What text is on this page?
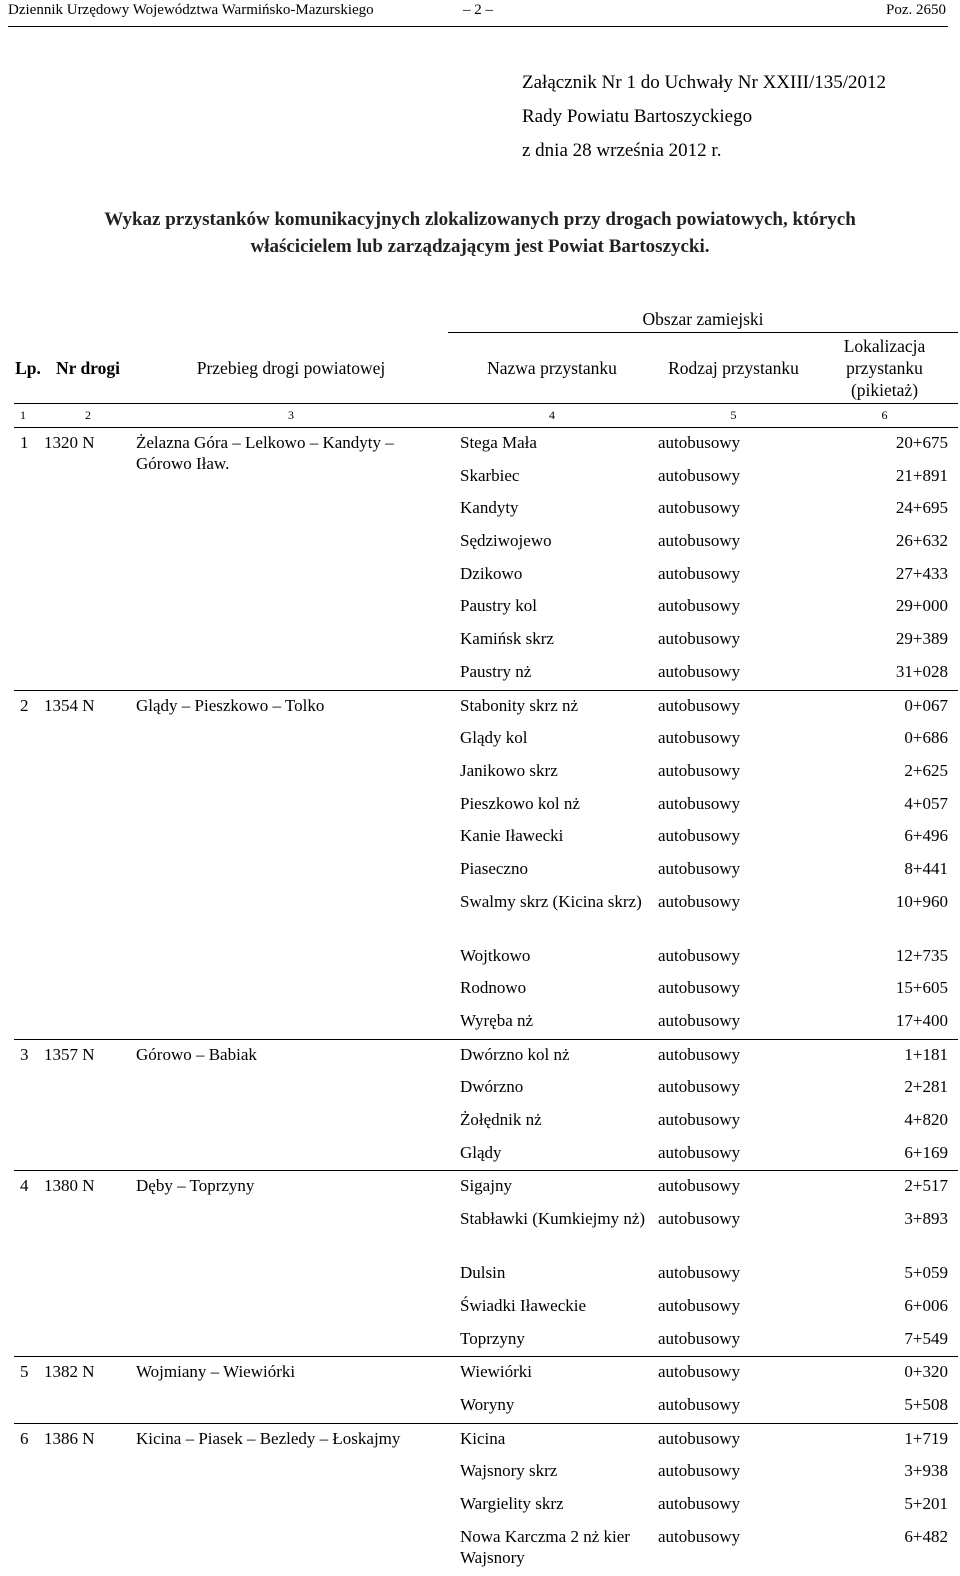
Dziennik Urzędowy Województwa Warmińsko-Mazurskiego	– 2 –	Poz. 2650
Załącznik Nr 1 do Uchwały Nr XXIII/135/2012
Rady Powiatu Bartoszyckiego
z dnia 28 września 2012 r.
Wykaz przystanków komunikacyjnych zlokalizowanych przy drogach powiatowych, których
właścicielem lub zarządzającym jest Powiat Bartoszycki.
			Obszar zamiejski		
Lp.	Nr drogi	Przebieg drogi powiatowej	Nazwa przystanku	Rodzaj przystanku	Lokalizacja przystanku (pikietaż)
1	2	3	4	5	6
1	1320 N	Żelazna Góra – Lelkowo – Kandyty – Górowo Iław.	Stega Mała	autobusowy	20+675
			Skarbiec	autobusowy	21+891
			Kandyty	autobusowy	24+695
			Sędziwojewo	autobusowy	26+632
			Dzikowo	autobusowy	27+433
			Paustry kol	autobusowy	29+000
			Kamińsk skrz	autobusowy	29+389
			Paustry nż	autobusowy	31+028
2	1354 N	Glądy – Pieszkowo – Tolko	Stabonity skrz nż	autobusowy	0+067
			Glądy kol	autobusowy	0+686
			Janikowo skrz	autobusowy	2+625
			Pieszkowo kol nż	autobusowy	4+057
			Kanie Iławecki	autobusowy	6+496
			Piaseczno	autobusowy	8+441
			Swalmy skrz (Kicina skrz)	autobusowy	10+960
			Wojtkowo	autobusowy	12+735
			Rodnowo	autobusowy	15+605
			Wyręba nż	autobusowy	17+400
3	1357 N	Górowo – Babiak	Dwórzno kol nż	autobusowy	1+181
			Dwórzno	autobusowy	2+281
			Żołędnik nż	autobusowy	4+820
			Glądy	autobusowy	6+169
4	1380 N	Dęby – Toprzyny	Sigajny	autobusowy	2+517
			Stabławki (Kumkiejmy nż)	autobusowy	3+893
			Dulsin	autobusowy	5+059
			Świadki Iławeckie	autobusowy	6+006
			Toprzyny	autobusowy	7+549
5	1382 N	Wojmiany – Wiewiórki	Wiewiórki	autobusowy	0+320
			Woryny	autobusowy	5+508
6	1386 N	Kicina – Piasek – Bezledy – Łoskajmy	Kicina	autobusowy	1+719
			Wajsnory skrz	autobusowy	3+938
			Wargielity skrz	autobusowy	5+201
			Nowa Karczma 2 nż kier Wajsnory	autobusowy	6+482
